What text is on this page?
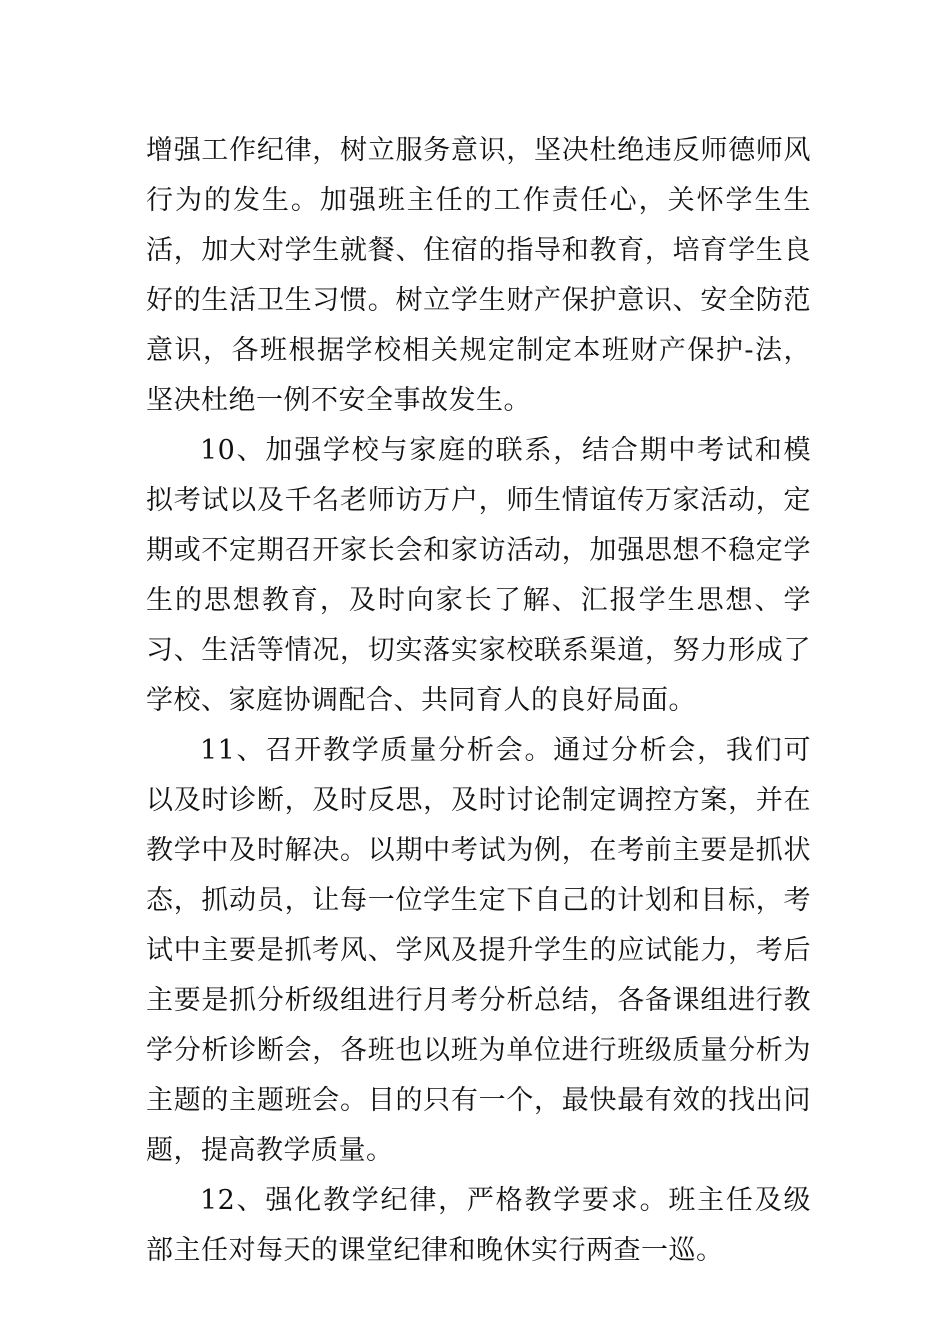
增强工作纪律，树立服务意识，坚决杜绝违反师德师风行为的发生。加强班主任的工作责任心，关怀学生生活，加大对学生就餐、住宿的指导和教育，培育学生良好的生活卫生习惯。树立学生财产保护意识、安全防范意识，各班根据学校相关规定制定本班财产保护-法，坚决杜绝一例不安全事故发生。

10、加强学校与家庭的联系，结合期中考试和模拟考试以及千名老师访万户，师生情谊传万家活动，定期或不定期召开家长会和家访活动，加强思想不稳定学生的思想教育，及时向家长了解、汇报学生思想、学习、生活等情况，切实落实家校联系渠道，努力形成了学校、家庭协调配合、共同育人的良好局面。

11、召开教学质量分析会。通过分析会，我们可以及时诊断，及时反思，及时讨论制定调控方案，并在教学中及时解决。以期中考试为例，在考前主要是抓状态，抓动员，让每一位学生定下自己的计划和目标，考试中主要是抓考风、学风及提升学生的应试能力，考后主要是抓分析级组进行月考分析总结，各备课组进行教学分析诊断会，各班也以班为单位进行班级质量分析为主题的主题班会。目的只有一个，最快最有效的找出问题，提高教学质量。

12、强化教学纪律，严格教学要求。班主任及级部主任对每天的课堂纪律和晚休实行两查一巡。
